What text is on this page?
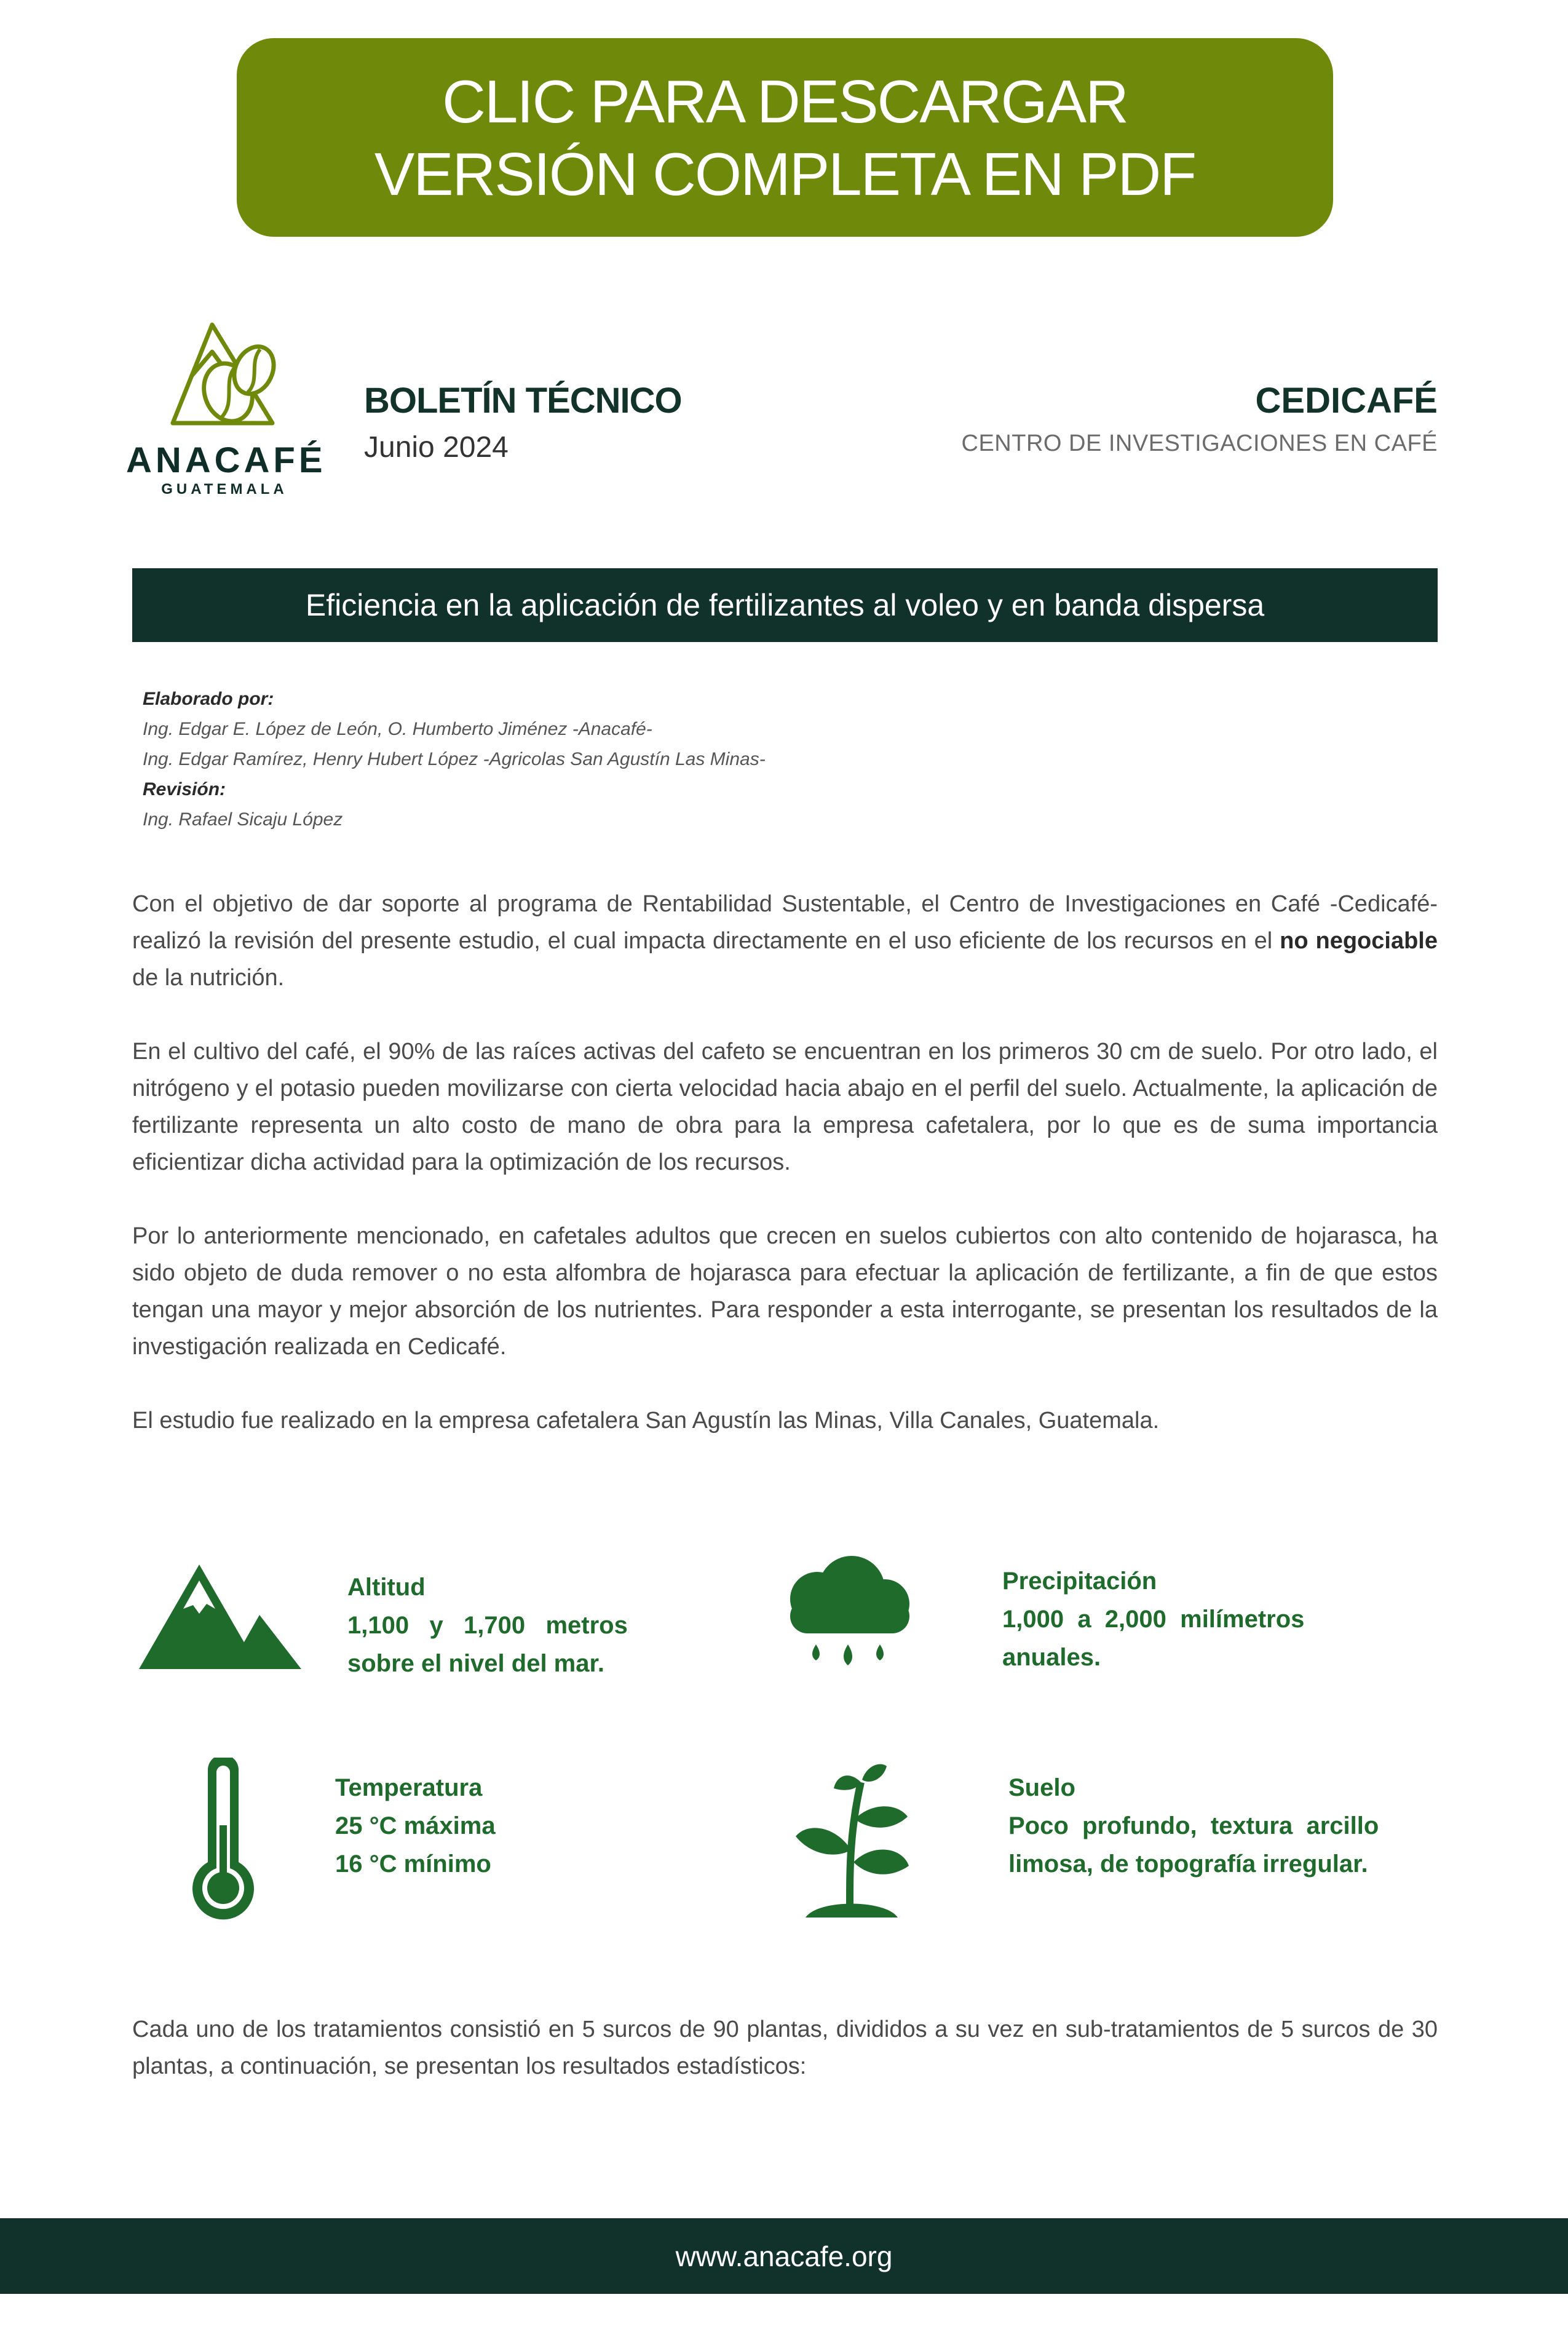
CLIC PARA DESCARGAR
VERSIÓN COMPLETA EN PDF
ANACAFÉ
GUATEMALA
BOLETÍN TÉCNICO
Junio 2024
CEDICAFÉ
CENTRO DE INVESTIGACIONES EN CAFÉ
Eficiencia en la aplicación de fertilizantes al voleo y en banda dispersa
Elaborado por:
Ing. Edgar E. López de León, O. Humberto Jiménez -Anacafé-
Ing. Edgar Ramírez, Henry Hubert López -Agricolas San Agustín Las Minas-
Revisión:
Ing. Rafael Sicaju López

Con el objetivo de dar soporte al programa de Rentabilidad Sustentable, el Centro de Investigaciones en Café -Cedicafé- realizó la revisión del presente estudio, el cual impacta directamente en el uso eficiente de los recursos en el no negociable de la nutrición.

En el cultivo del café, el 90% de las raíces activas del cafeto se encuentran en los primeros 30 cm de suelo. Por otro lado, el nitrógeno y el potasio pueden movilizarse con cierta velocidad hacia abajo en el perfil del suelo. Actualmente, la aplicación de fertilizante representa un alto costo de mano de obra para la empresa cafetalera, por lo que es de suma importancia eficientizar dicha actividad para la optimización de los recursos.

Por lo anteriormente mencionado, en cafetales adultos que crecen en suelos cubiertos con alto contenido de hojarasca, ha sido objeto de duda remover o no esta alfombra de hojarasca para efectuar la aplicación de fertilizante, a fin de que estos tengan una mayor y mejor absorción de los nutrientes. Para responder a esta interrogante, se presentan los resultados de la investigación realizada en Cedicafé.

El estudio fue realizado en la empresa cafetalera San Agustín las Minas, Villa Canales, Guatemala.

Altitud
1,100   y   1,700   metros
sobre el nivel del mar.
Precipitación
1,000  a  2,000  milímetros
anuales.
Temperatura
25 °C máxima
16 °C mínimo
Suelo
Poco  profundo,  textura  arcillo
limosa, de topografía irregular.

Cada uno de los tratamientos consistió en 5 surcos de 90 plantas, divididos a su vez en sub-tratamientos de 5 surcos de 30 plantas, a continuación, se presentan los resultados estadísticos:

www.anacafe.org
